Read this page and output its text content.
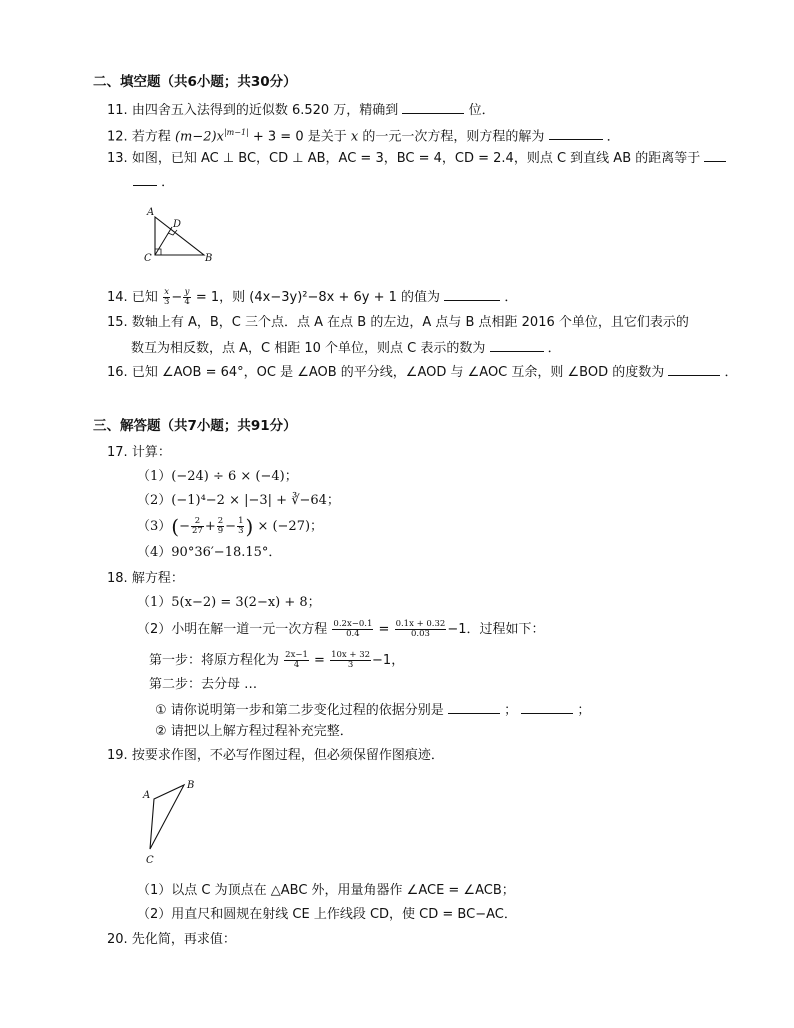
二、填空题（共6小题；共30分）
11. 由四舍五入法得到的近似数 6.520 万，精确到	位．
12. 若方程 $(m-2)x^{|m-1|} + 3 = 0$ 是关于 x 的一元一次方程，则方程的解为	．
13. 如图，已知 AC ⊥ BC，CD ⊥ AB，AC = 3，BC = 4，CD = 2.4，则点 C 到直线 AB 的距离等于
．
A
D
C	B
14. 已知 $\frac{x}{3} - \frac{y}{4} = 1$，则 (4x−3y)²−8x + 6y + 1 的值为	．
15. 数轴上有 A，B，C 三个点．点 A 在点 B 的左边，A 点与 B 点相距 2016 个单位，且它们表示的
数互为相反数，点 A，C 相距 10 个单位，则点 C 表示的数为	．
16. 已知 ∠AOB = 64°，OC 是 ∠AOB 的平分线，∠AOD 与 ∠AOC 互余，则 ∠BOD 的度数为	．
三、解答题（共7小题；共91分）
17. 计算：
（1）(−24) ÷ 6 × (−4)；
（2）(−1)⁴−2 × |−3| + ∛−64；
$(3)(- \frac{2}{27} + \frac{2}{9} - \frac{1}{3}$ ) × (−27)；
（4）90°36′−18.15°．
18. 解方程：
（1）5(x−2) = 3(2−x) + 8；
（2）小明在解一道一元一次方程 $\frac{0.2x-0.1}{0.4} = \frac{0.1x + 0.32}{0.03} -1$．过程如下：
第一步：将原方程化为 $\frac{2x-1}{4} = \frac{10x + 32}{3} -1$，
第二步：去分母 …
① 请你说明第一步和第二步变化过程的依据分别是	；	；
② 请把以上解方程过程补充完整．
19. 按要求作图，不必写作图过程，但必须保留作图痕迹．
A
B
C
（1）以点 C 为顶点在 △ABC 外，用量角器作 ∠ACE = ∠ACB；
（2）用直尺和圆规在射线 CE 上作线段 CD，使 CD = BC−AC．
20. 先化简，再求值：
